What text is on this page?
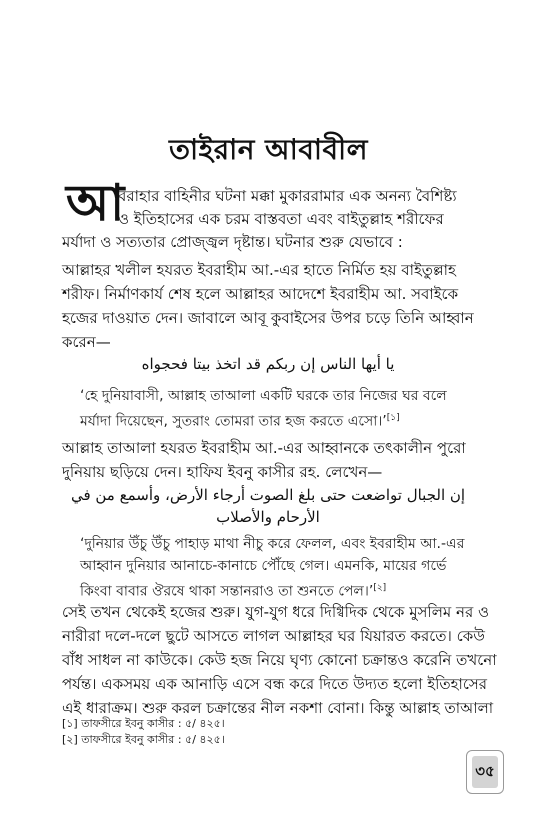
তাইরান আবাবীল
আ
বরাহার বাহিনীর ঘটনা মক্কা মুকাররামার এক অনন্য বৈশিষ্ট্য
ও ইতিহাসের এক চরম বাস্তবতা এবং বাইতুল্লাহ শরীফের
মর্যাদা ও সত্যতার প্রোজ্জ্বল দৃষ্টান্ত। ঘটনার শুরু যেভাবে :
আল্লাহর খলীল হযরত ইবরাহীম আ.-এর হাতে নির্মিত হয় বাইতুল্লাহ
শরীফ। নির্মাণকার্য শেষ হলে আল্লাহর আদেশে ইবরাহীম আ. সবাইকে
হজের দাওয়াত দেন। জাবালে আবূ কুবাইসের উপর চড়ে তিনি আহ্বান
করেন—
يا أيها الناس إن ربكم قد اتخذ بيتا فحجواه
‘হে দুনিয়াবাসী, আল্লাহ তাআলা একটি ঘরকে তার নিজের ঘর বলে
মর্যাদা দিয়েছেন, সুতরাং তোমরা তার হজ করতে এসো।’[১]
আল্লাহ তাআলা হযরত ইবরাহীম আ.-এর আহ্বানকে তৎকালীন পুরো
দুনিয়ায় ছড়িয়ে দেন। হাফিয ইবনু কাসীর রহ. লেখেন—
إن الجبال تواضعت حتى بلغ الصوت أرجاء الأرض، وأسمع من في
الأرحام والأصلاب
‘দুনিয়ার উঁচু উঁচু পাহাড় মাথা নীচু করে ফেলল, এবং ইবরাহীম আ.-এর
আহ্বান দুনিয়ার আনাচে-কানাচে পৌঁছে গেল। এমনকি, মায়ের গর্ভে
কিংবা বাবার ঔরষে থাকা সন্তানরাও তা শুনতে পেল।’[২]
সেই তখন থেকেই হজের শুরু। যুগ-যুগ ধরে দিগ্বিদিক থেকে মুসলিম নর ও
নারীরা দলে-দলে ছুটে আসতে লাগল আল্লাহর ঘর যিয়ারত করতে। কেউ
বাঁধ সাধল না কাউকে। কেউ হজ নিয়ে ঘৃণ্য কোনো চক্রান্তও করেনি তখনো
পর্যন্ত। একসময় এক আনাড়ি এসে বন্ধ করে দিতে উদ্যত হলো ইতিহাসের
এই ধারাক্রম। শুরু করল চক্রান্তের নীল নকশা বোনা। কিন্তু আল্লাহ তাআলা
[১] তাফসীরে ইবনু কাসীর : ৫/ ৪২৫।
[২] তাফসীরে ইবনু কাসীর : ৫/ ৪২৫।
৩৫
